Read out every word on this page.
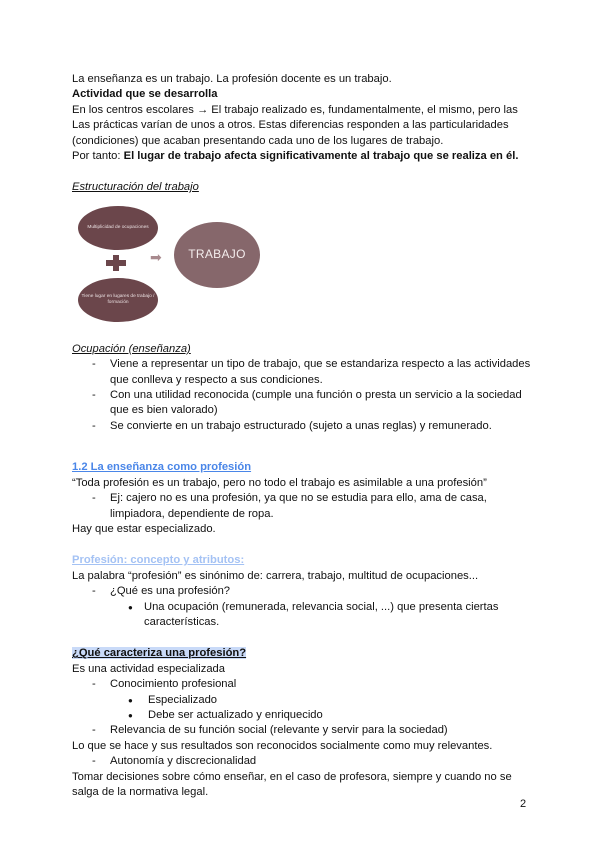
La enseñanza es un trabajo. La profesión docente es un trabajo.

Actividad que se desarrolla

En los centros escolares → El trabajo realizado es, fundamentalmente, el mismo, pero las Las prácticas varían de unos a otros. Estas diferencias responden a las particularidades (condiciones) que acaban presentando cada uno de los lugares de trabajo.

Por tanto: El lugar de trabajo afecta significativamente al trabajo que se realiza en él.

Estructuración del trabajo

Multiplicidad de ocupaciones
Tiene lugar en lugares de trabajo / formación
➡	TRABAJO

Ocupación (enseñanza)

- Viene a representar un tipo de trabajo, que se estandariza respecto a las actividades que conlleva y respecto a sus condiciones.
- Con una utilidad reconocida (cumple una función o presta un servicio a la sociedad que es bien valorado)
- Se convierte en un trabajo estructurado (sujeto a unas reglas) y remunerado.

1.2 La enseñanza como profesión

“Toda profesión es un trabajo, pero no todo el trabajo es asimilable a una profesión”

- Ej: cajero no es una profesión, ya que no se estudia para ello, ama de casa, limpiadora, dependiente de ropa.

Hay que estar especializado.

Profesión: concepto y atributos:

La palabra “profesión” es sinónimo de: carrera, trabajo, multitud de ocupaciones...

- ¿Qué es una profesión?
● Una ocupación (remunerada, relevancia social, ...) que presenta ciertas características.

¿Qué caracteriza una profesión?

Es una actividad especializada

- Conocimiento profesional
● Especializado
● Debe ser actualizado y enriquecido
- Relevancia de su función social (relevante y servir para la sociedad)

Lo que se hace y sus resultados son reconocidos socialmente como muy relevantes.

- Autonomía y discrecionalidad

Tomar decisiones sobre cómo enseñar, en el caso de profesora, siempre y cuando no se salga de la normativa legal.

2
